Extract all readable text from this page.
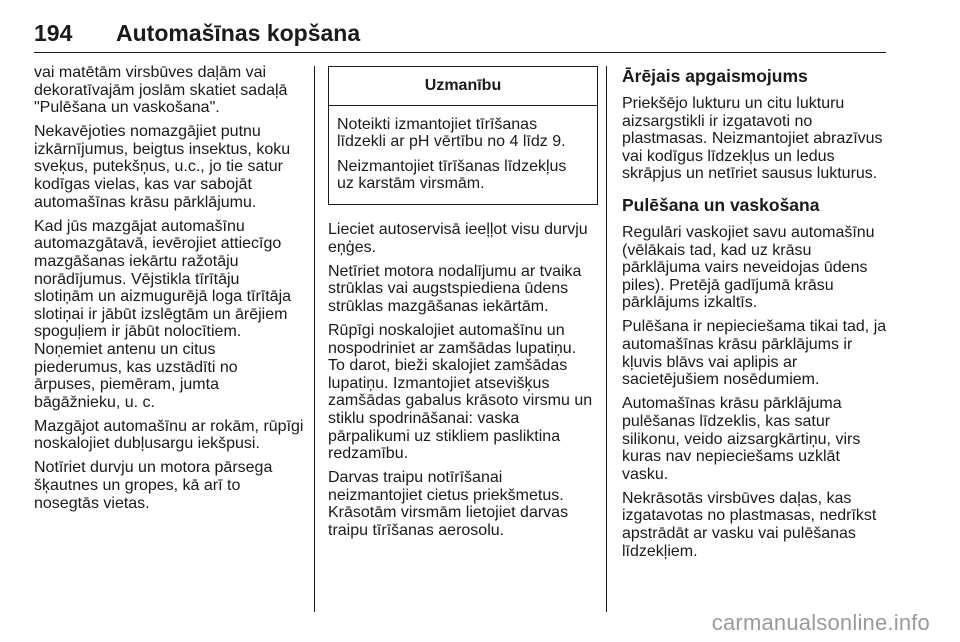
194 Automašīnas kopšana

vai matētām virsbūves daļām vai
dekoratīvajām joslām skatiet sadaļā
"Pulēšana un vaskošana".

Nekavējoties nomazgājiet putnu
izkārnījumus, beigtus insektus, koku
sveķus, putekšņus, u.c., jo tie satur
kodīgas vielas, kas var sabojāt
automašīnas krāsu pārklājumu.

Kad jūs mazgājat automašīnu
automazgātavā, ievērojiet attiecīgo
mazgāšanas iekārtu ražotāju
norādījumus. Vējstikla tīrītāju
slotiņām un aizmugurējā loga tīrītāja
slotiņai ir jābūt izslēgtām un ārējiem
spoguļiem ir jābūt nolocītiem.
Noņemiet antenu un citus
piederumus, kas uzstādīti no
ārpuses, piemēram, jumta
bāgāžnieku, u. c.

Mazgājot automašīnu ar rokām, rūpīgi
noskalojiet dubļusargu iekšpusi.

Notīriet durvju un motora pārsega
šķautnes un gropes, kā arī to
nosegtās vietas.

Uzmanību

Noteikti izmantojiet tīrīšanas
līdzekli ar pH vērtību no 4 līdz 9.

Neizmantojiet tīrīšanas līdzekļus
uz karstām virsmām.

Lieciet autoservisā ieeļļot visu durvju
eņģes.

Netīriet motora nodalījumu ar tvaika
strūklas vai augstspiediena ūdens
strūklas mazgāšanas iekārtām.

Rūpīgi noskalojiet automašīnu un
nospodriniet ar zamšādas lupatiņu.
To darot, bieži skalojiet zamšādas
lupatiņu. Izmantojiet atsevišķus
zamšādas gabalus krāsoto virsmu un
stiklu spodrināšanai: vaska
pārpalikumi uz stikliem pasliktina
redzamību.

Darvas traipu notīrīšanai
neizmantojiet cietus priekšmetus.
Krāsotām virsmām lietojiet darvas
traipu tīrīšanas aerosolu.

Ārējais apgaismojums

Priekšējo lukturu un citu lukturu
aizsargstikli ir izgatavoti no
plastmasas. Neizmantojiet abrazīvus
vai kodīgus līdzekļus un ledus
skrāpjus un netīriet sausus lukturus.

Pulēšana un vaskošana

Regulāri vaskojiet savu automašīnu
(vēlākais tad, kad uz krāsu
pārklājuma vairs neveidojas ūdens
piles). Pretējā gadījumā krāsu
pārklājums izkaltīs.

Pulēšana ir nepieciešama tikai tad, ja
automašīnas krāsu pārklājums ir
kļuvis blāvs vai aplipis ar
sacietējušiem nosēdumiem.

Automašīnas krāsu pārklājuma
pulēšanas līdzeklis, kas satur
silikonu, veido aizsargkārtiņu, virs
kuras nav nepieciešams uzklāt
vasku.

Nekrāsotās virsbūves daļas, kas
izgatavotas no plastmasas, nedrīkst
apstrādāt ar vasku vai pulēšanas
līdzekļiem.

carmanualsonline.info
